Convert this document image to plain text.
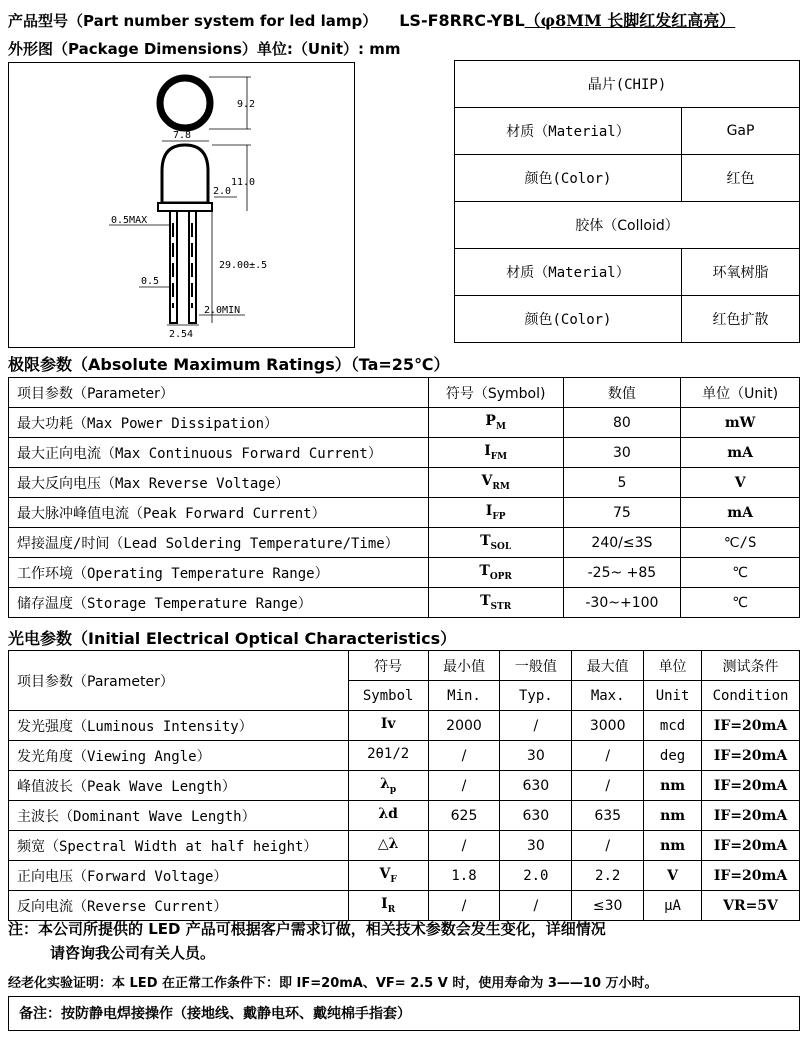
产品型号（Part number system for led lamp） LS-F8RRC-YBL（φ8MM 长脚红发红高亮）
外形图（Package Dimensions）单位:（Unit）: mm
9.2
7.8
11.0
2.0
0.5MAX
29.00±.5
0.5
2.0MIN
2.54
晶片(CHIP)	
材质（Material）	GaP
颜色(Color)	红色
胶体（Colloid）	
材质（Material）	环氧树脂
颜色(Color)	红色扩散
极限参数（Absolute Maximum Ratings）（Ta=25℃）
项目参数（Parameter）	符号（Symbol)	数值	单位（Unit)
最大功耗（Max Power Dissipation）	$P_M$	80	mW
最大正向电流（Max Continuous Forward Current）	$I_{FM}$	30	mA
最大反向电压（Max Reverse Voltage）	$V_{RM}$	5	V
最大脉冲峰值电流（Peak Forward Current）	$I_{FP}$	75	mA
焊接温度/时间（Lead Soldering Temperature/Time）	$T_{SOL}$	240/≤3S	℃/S
工作环境（Operating Temperature Range）	$T_{OPR}$	-25~ +85	℃
储存温度（Storage Temperature Range）	$T_{STR}$	-30~+100	℃
光电参数（Initial Electrical Optical Characteristics）
项目参数（Parameter）	符号	最小值	一般值	最大值	单位	测试条件
	Symbol	Min.	Typ.	Max.	Unit	Condition
发光强度（Luminous Intensity）	Iv	2000	/	3000	mcd	IF=20mA
发光角度（Viewing Angle）	2θ1/2	/	30	/	deg	IF=20mA
峰值波长（Peak Wave Length）	$\lambda_p$	/	630	/	nm	IF=20mA
主波长（Dominant Wave Length）	λd	625	630	635	nm	IF=20mA
频宽（Spectral Width at half height）	△λ	/	30	/	nm	IF=20mA
正向电压（Forward Voltage）	$V_F$	1.8	2.0	2.2	V	IF=20mA
反向电流（Reverse Current）	$I_R$	/	/	≤30	μA	VR=5V
注：本公司所提供的 LED 产品可根据客户需求订做，相关技术参数会发生变化，详细情况
请咨询我公司有关人员。
经老化实验证明：本 LED 在正常工作条件下：即 IF=20mA、VF= 2.5 V 时，使用寿命为 3——10 万小时。
备注：按防静电焊接操作（接地线、戴静电环、戴纯棉手指套）
